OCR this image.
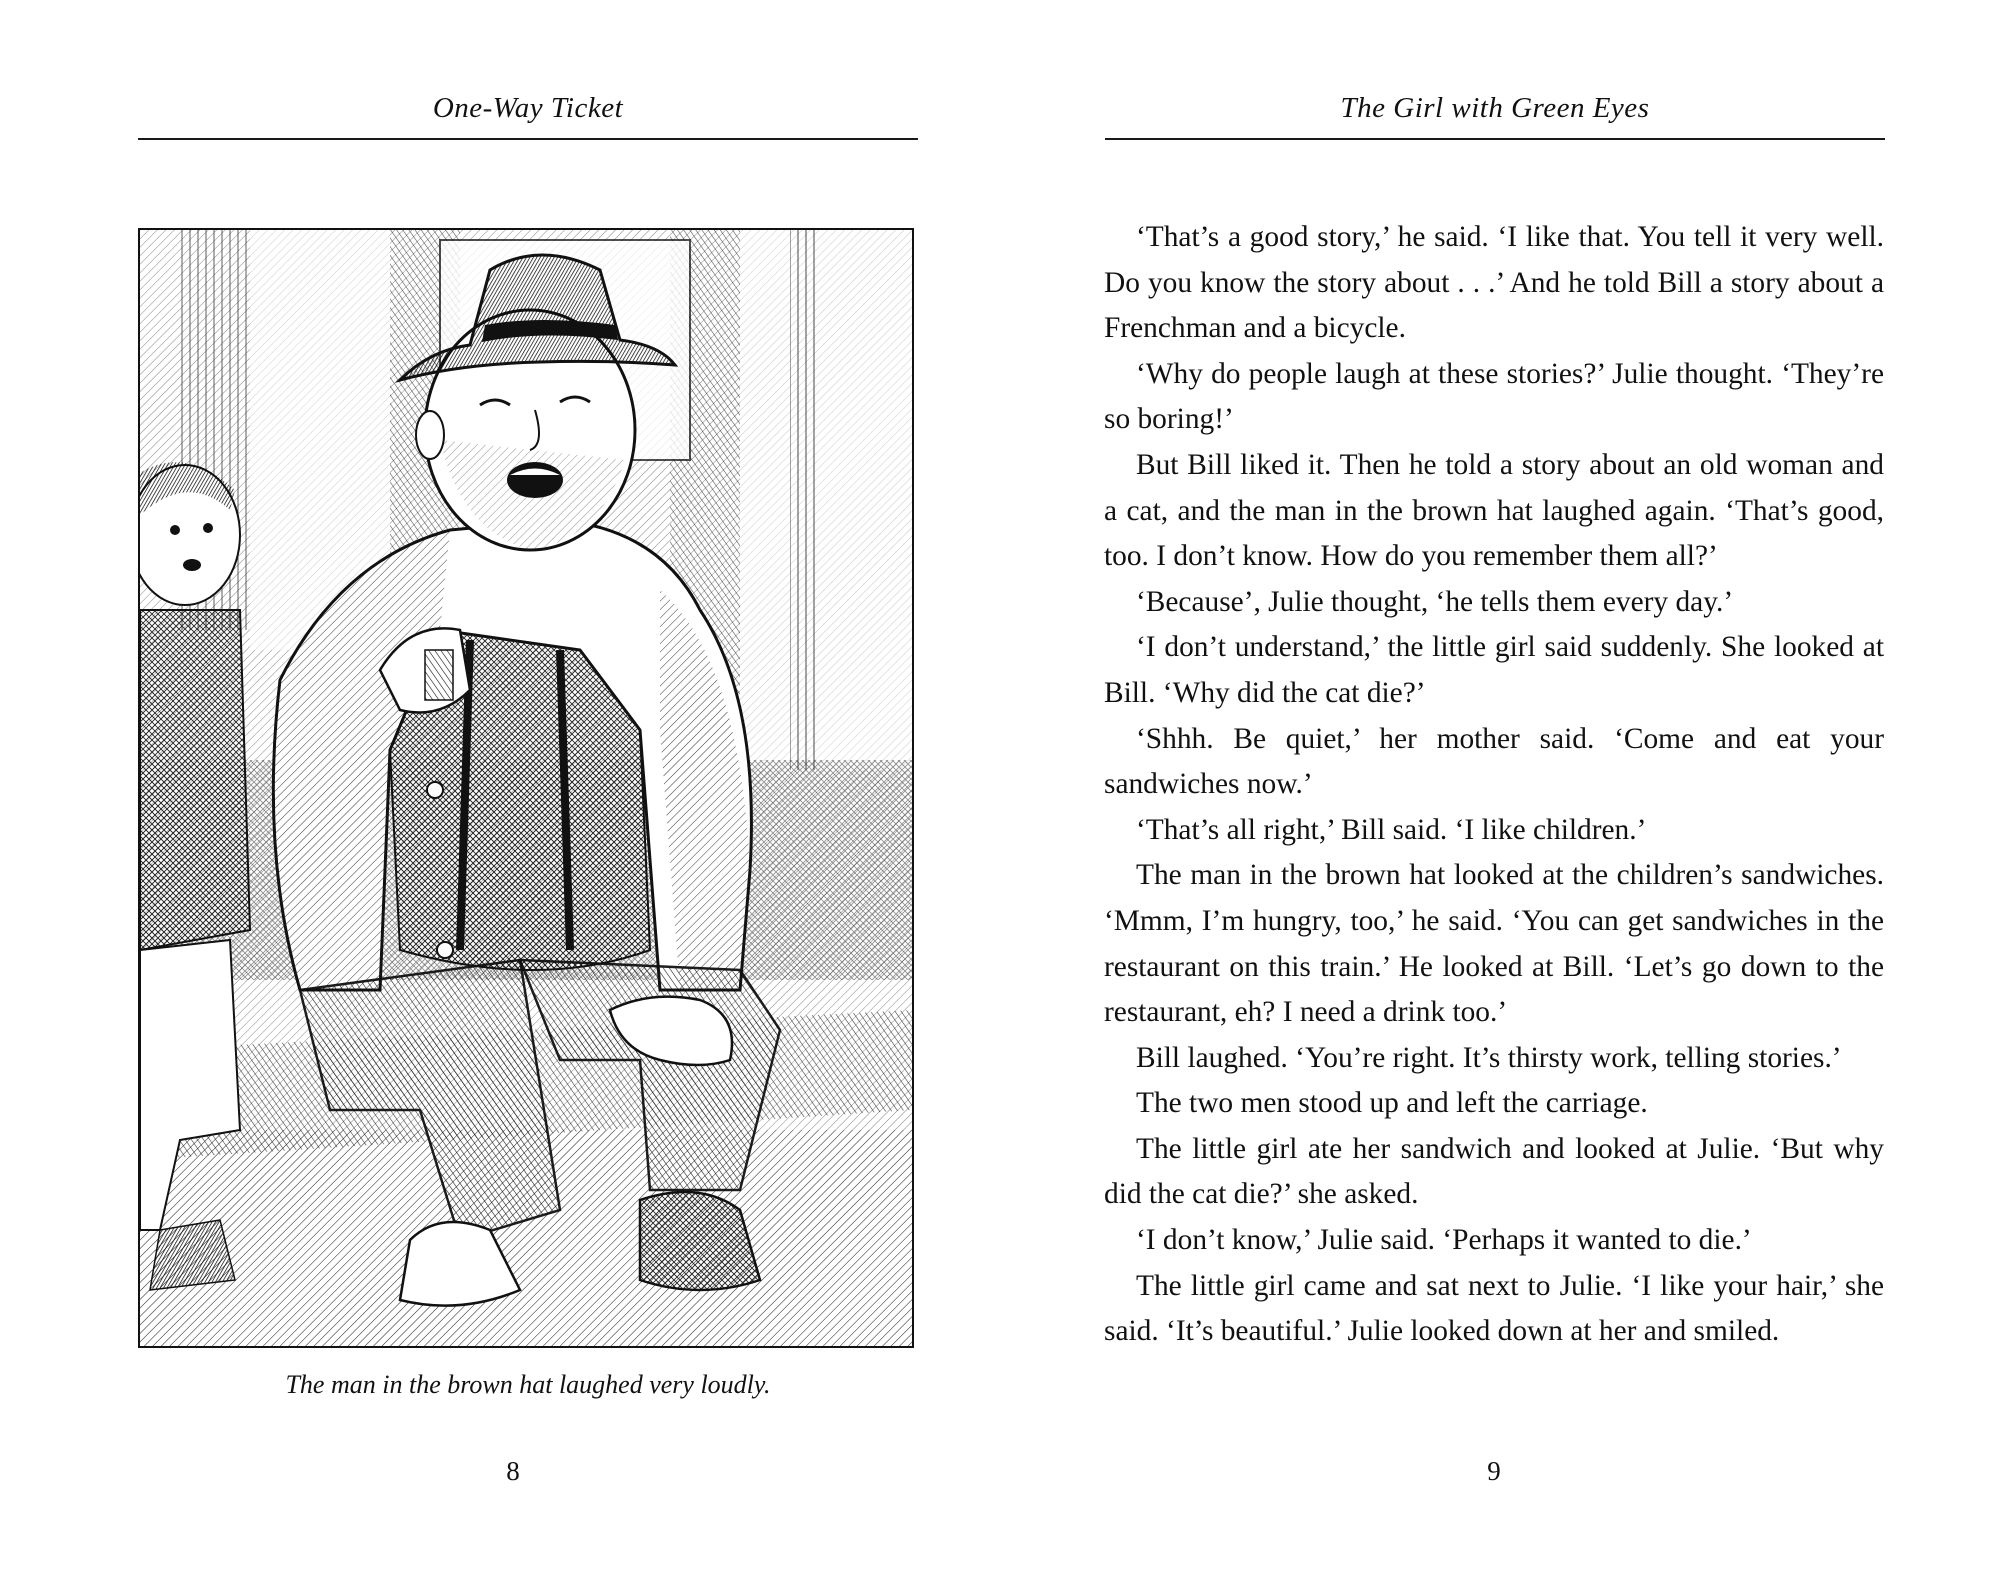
One-Way Ticket
The man in the brown hat laughed very loudly.
8
The Girl with Green Eyes

‘That’s a good story,’ he said. ‘I like that. You tell it very well. Do you know the story about . . .’ And he told Bill a story about a Frenchman and a bicycle.

‘Why do people laugh at these stories?’ Julie thought. ‘They’re so boring!’

But Bill liked it. Then he told a story about an old woman and a cat, and the man in the brown hat laughed again. ‘That’s good, too. I don’t know. How do you remember them all?’

‘Because’, Julie thought, ‘he tells them every day.’

‘I don’t understand,’ the little girl said suddenly. She looked at Bill. ‘Why did the cat die?’

‘Shhh. Be quiet,’ her mother said. ‘Come and eat your sandwiches now.’

‘That’s all right,’ Bill said. ‘I like children.’

The man in the brown hat looked at the children’s sandwiches. ‘Mmm, I’m hungry, too,’ he said. ‘You can get sandwiches in the restaurant on this train.’ He looked at Bill. ‘Let’s go down to the restaurant, eh? I need a drink too.’

Bill laughed. ‘You’re right. It’s thirsty work, telling stories.’

The two men stood up and left the carriage.

The little girl ate her sandwich and looked at Julie. ‘But why did the cat die?’ she asked.

‘I don’t know,’ Julie said. ‘Perhaps it wanted to die.’

The little girl came and sat next to Julie. ‘I like your hair,’ she said. ‘It’s beautiful.’ Julie looked down at her and smiled.

9
